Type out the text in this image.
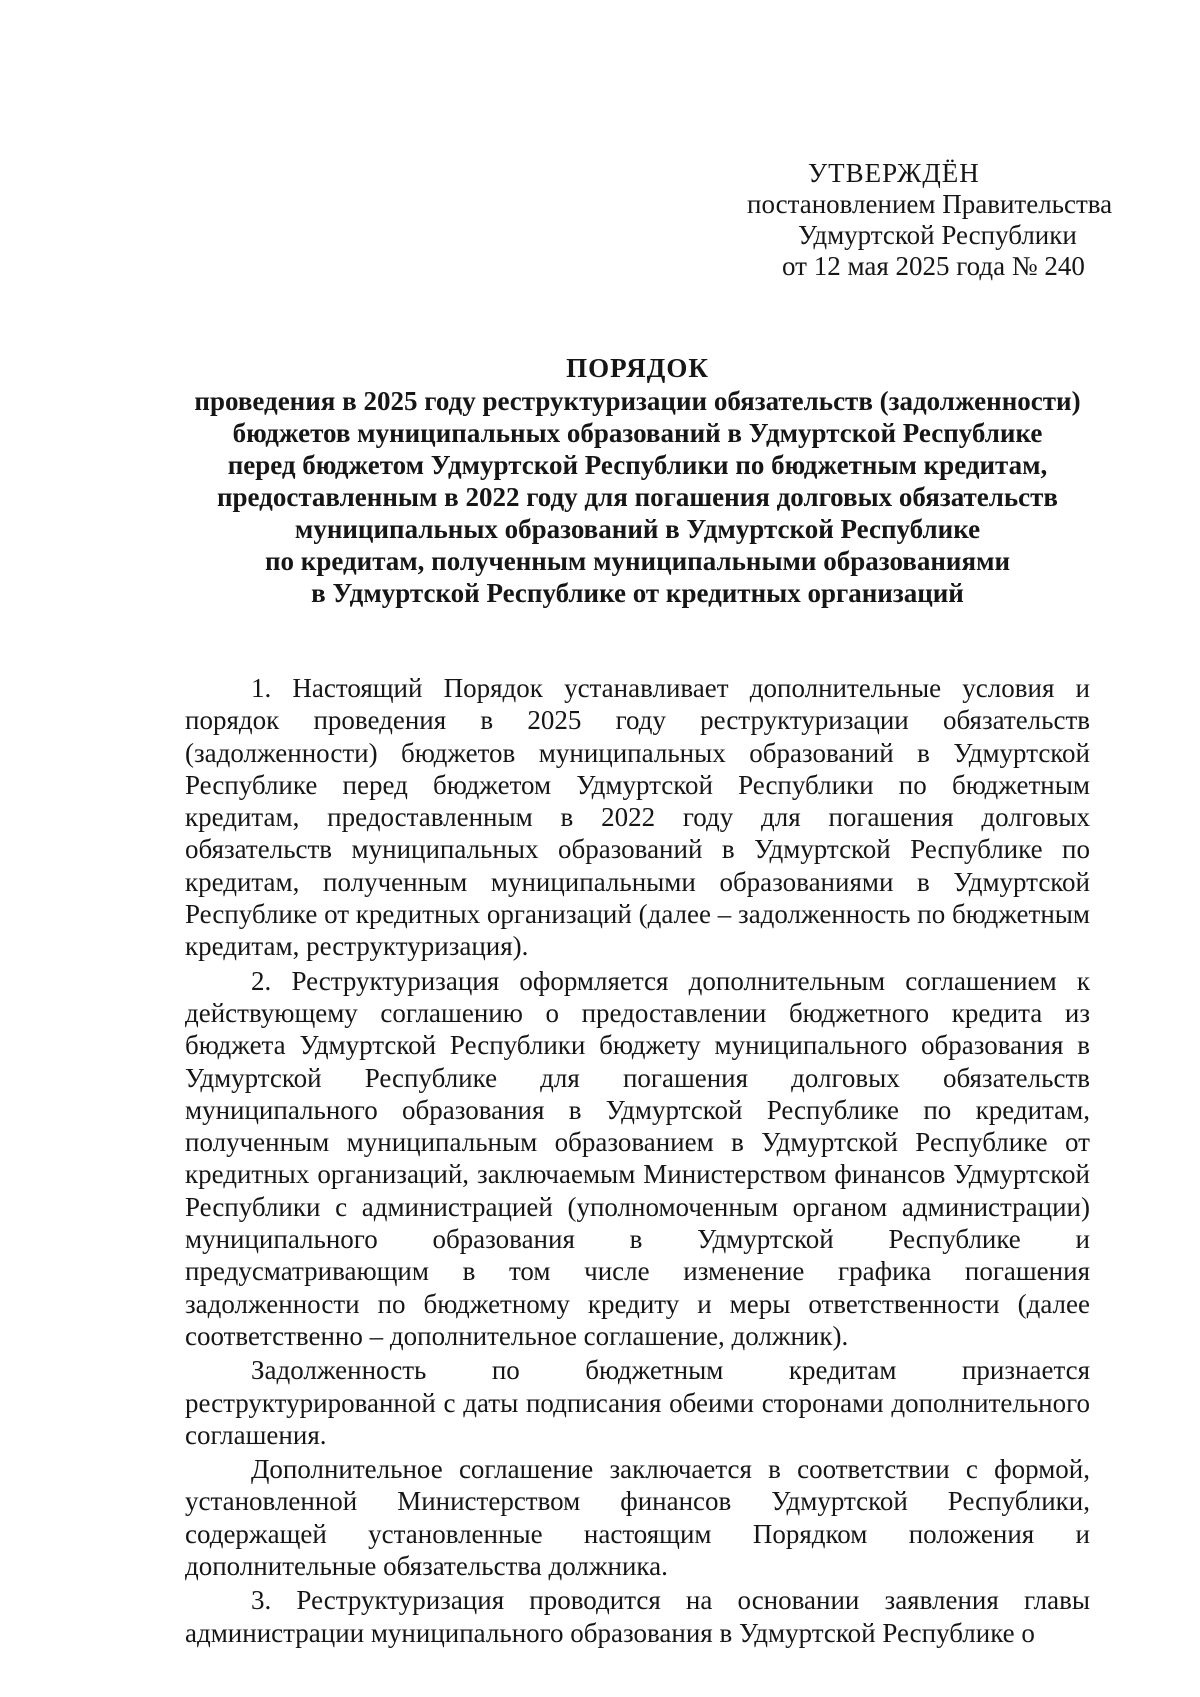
УТВЕРЖДЁН
постановлением Правительства
Удмуртской Республики
от 12 мая 2025 года № 240
ПОРЯДОК
проведения в 2025 году реструктуризации обязательств (задолженности)
бюджетов муниципальных образований в Удмуртской Республике
перед бюджетом Удмуртской Республики по бюджетным кредитам,
предоставленным в 2022 году для погашения долговых обязательств
муниципальных образований в Удмуртской Республике
по кредитам, полученным муниципальными образованиями
в Удмуртской Республике от кредитных организаций

1. Настоящий Порядок устанавливает дополнительные условия и порядок проведения в 2025 году реструктуризации обязательств (задолженности) бюджетов муниципальных образований в Удмуртской Республике перед бюджетом Удмуртской Республики по бюджетным кредитам, предоставленным в 2022 году для погашения долговых обязательств муниципальных образований в Удмуртской Республике по кредитам, полученным муниципальными образованиями в Удмуртской Республике от кредитных организаций (далее – задолженность по бюджетным кредитам, реструктуризация).

2. Реструктуризация оформляется дополнительным соглашением к действующему соглашению о предоставлении бюджетного кредита из бюджета Удмуртской Республики бюджету муниципального образования в Удмуртской Республике для погашения долговых обязательств муниципального образования в Удмуртской Республике по кредитам, полученным муниципальным образованием в Удмуртской Республике от кредитных организаций, заключаемым Министерством финансов Удмуртской Республики с администрацией (уполномоченным органом администрации) муниципального образования в Удмуртской Республике и предусматривающим в том числе изменение графика погашения задолженности по бюджетному кредиту и меры ответственности (далее соответственно – дополнительное соглашение, должник).

Задолженность по бюджетным кредитам признается реструктурированной с даты подписания обеими сторонами дополнительного соглашения.

Дополнительное соглашение заключается в соответствии с формой, установленной Министерством финансов Удмуртской Республики, содержащей установленные настоящим Порядком положения и дополнительные обязательства должника.

3. Реструктуризация проводится на основании заявления главы администрации муниципального образования в Удмуртской Республике о
